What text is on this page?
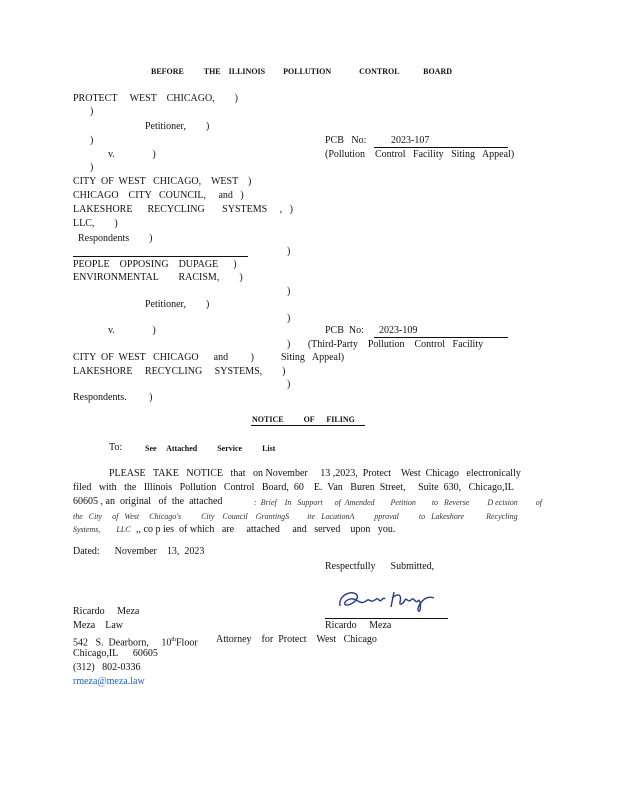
BEFORE          THE    ILLINOIS         POLLUTION              CONTROL            BOARD
PROTECT     WEST    CHICAGO,        )
)
Petitioner,        )
)	PCB   No: 2023-107
(Pollution    Control   Facility   Siting   Appeal)
v.               )
)
CITY  OF  WEST   CHICAGO,    WEST    )
CHICAGO    CITY   COUNCIL,     and   )
LAKESHORE      RECYCLING       SYSTEMS     ,   )
LLC,        )
Respondents        )
)
PEOPLE    OPPOSING    DUPAGE      )
ENVIRONMENTAL        RACISM,        )
)
Petitioner,        )
)
v.               )	PCB  No: 2023-109
)       (Third-Party    Pollution    Control   Facility
CITY  OF  WEST   CHICAGO      and         )	Siting   Appeal)
LAKESHORE     RECYCLING     SYSTEMS,        )
)
Respondents.         )
NOTICE          OF      FILING
To:	See     Attached          Service          List
PLEASE   TAKE   NOTICE   that   on November     13 ,2023,  Protect    West  Chicago   electronically
filed   with   the   Illinois   Pollution   Control   Board,  60    E.  Van   Buren  Street,     Suite  630,   Chicago,IL
60605 , an  original   of  the  attached	:  Brief    In   Support      of  Amended        Petition        to   Reverse         D ecision         of
the   City     of   West     Chicago's          City    Council    GrantingS         ite   LocationA          pproval          to   Lakeshore           Recycling
Systems,        LLC ,, co p ies  of which   are     attached     and   served    upon   you.
Dated:      November    13,  2023
Respectfully      Submitted,
Ricardo     Meza
Attorney    for  Protect    West   Chicago
Ricardo     Meza
Meza    Law
542   S.  Dearborn,     10thFloor
Chicago,IL      60605
(312)   802-0336
rmeza@meza.law
